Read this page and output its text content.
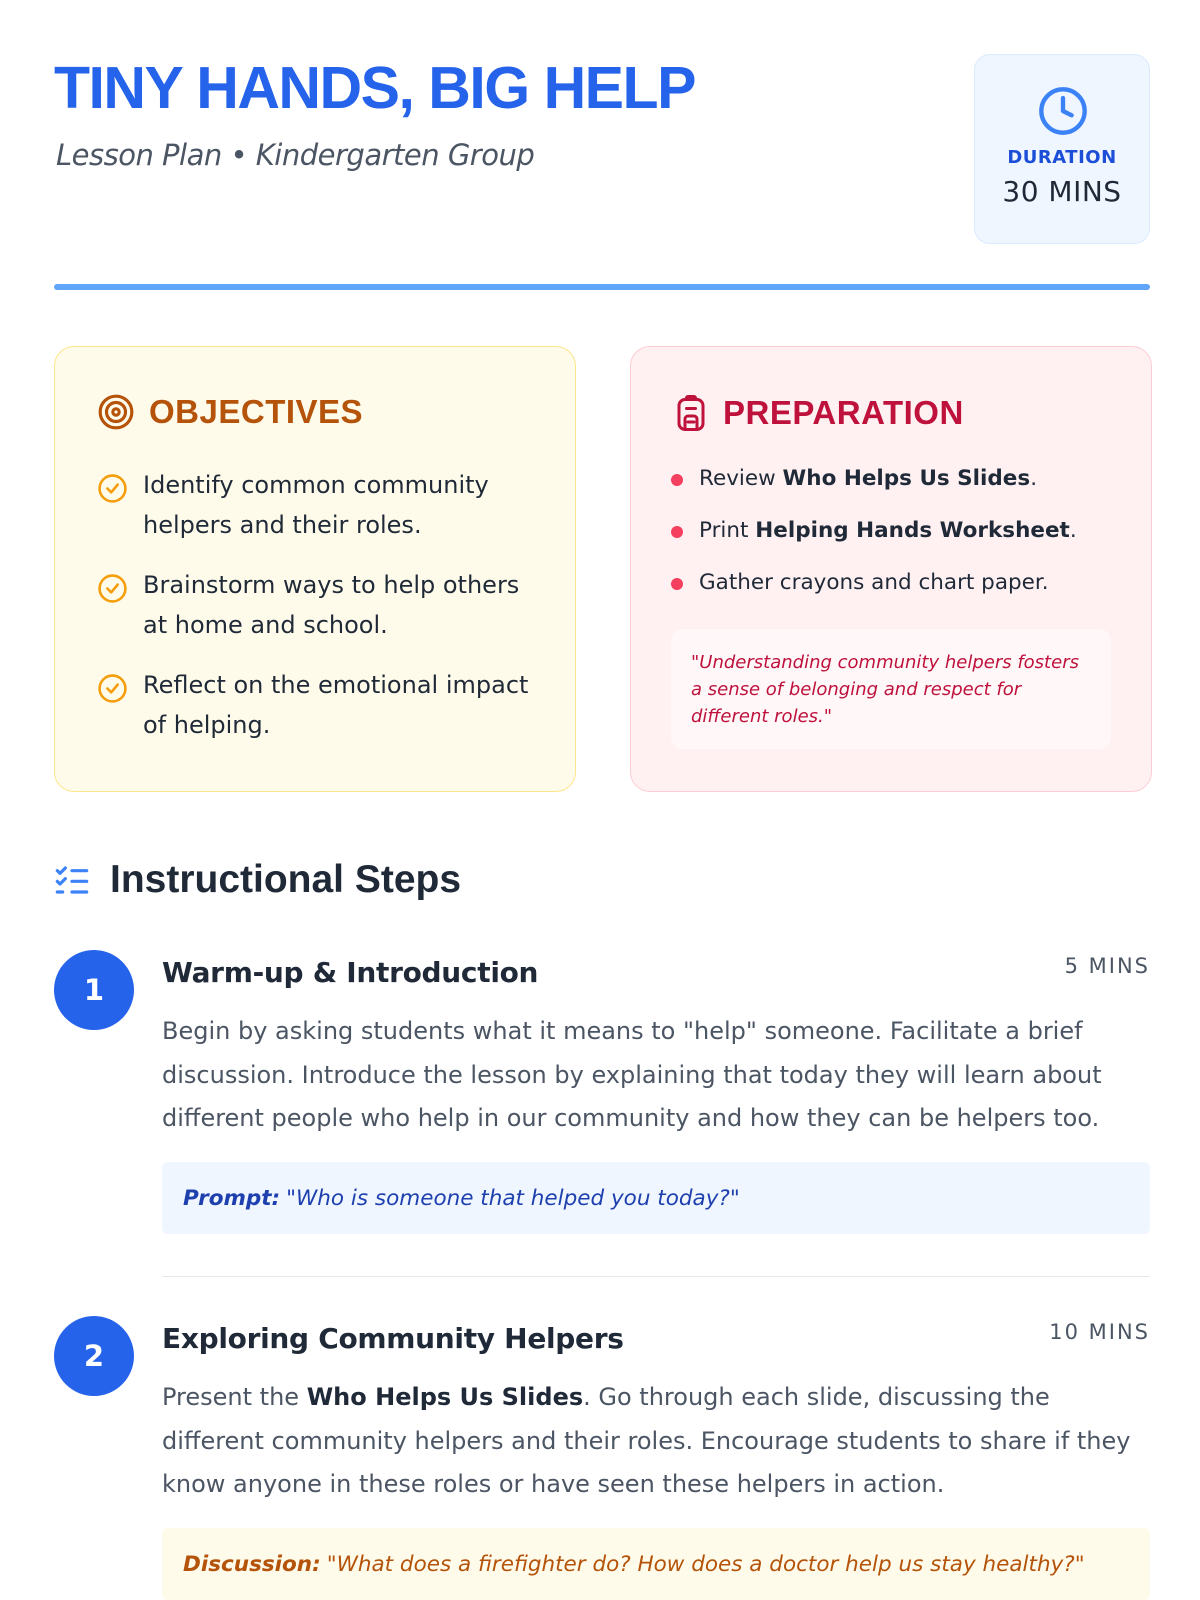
TINY HANDS, BIG HELP
Lesson Plan • Kindergarten Group	DURATION
30 MINS
OBJECTIVES
Identify common community helpers and their roles.
Brainstorm ways to help others at home and school.
Reflect on the emotional impact of helping.
PREPARATION
Review Who Helps Us Slides.
Print Helping Hands Worksheet.
Gather crayons and chart paper.
"Understanding community helpers fosters a sense of belonging and respect for different roles."
Instructional Steps
1
Warm-up & Introduction	5 MINS
Begin by asking students what it means to "help" someone. Facilitate a brief discussion. Introduce the lesson by explaining that today they will learn about different people who help in our community and how they can be helpers too.
Prompt: "Who is someone that helped you today?"
2
Exploring Community Helpers	10 MINS
Present the Who Helps Us Slides. Go through each slide, discussing the different community helpers and their roles. Encourage students to share if they know anyone in these roles or have seen these helpers in action.
Discussion: "What does a firefighter do? How does a doctor help us stay healthy?"
